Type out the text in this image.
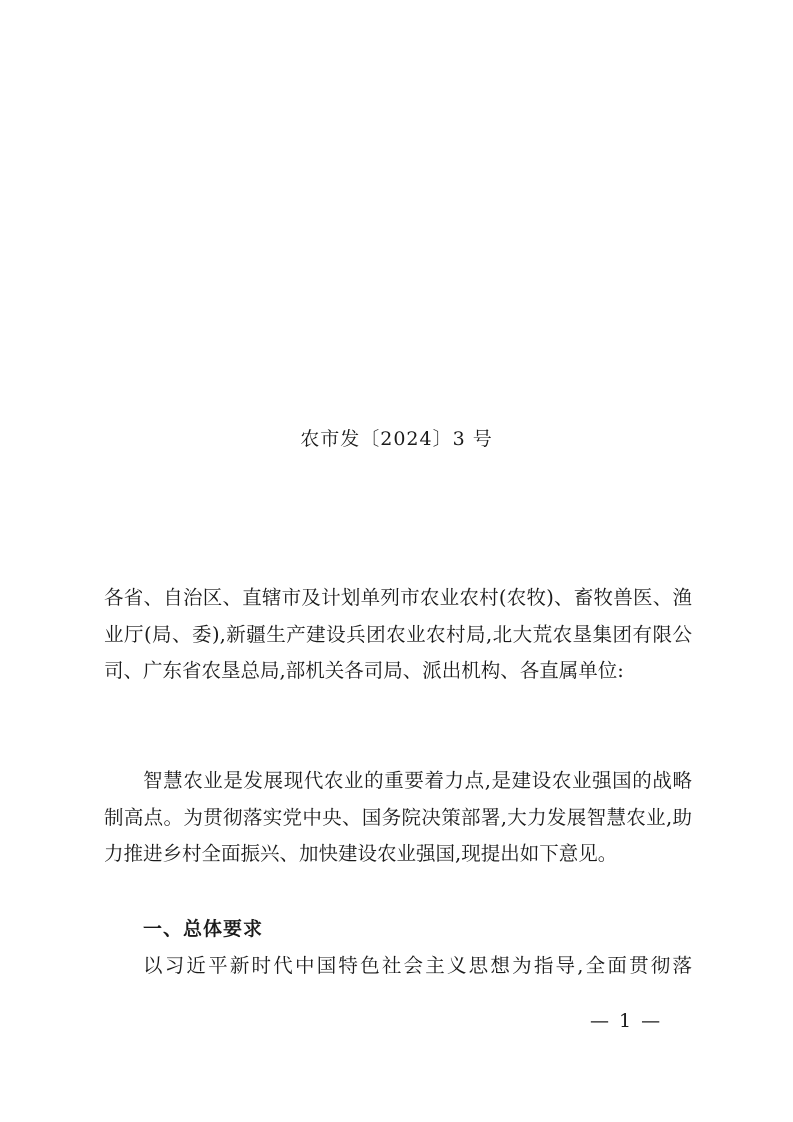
农市发〔2024〕3 号

各省、自治区、直辖市及计划单列市农业农村(农牧)、畜牧兽医、渔业厅(局、委),新疆生产建设兵团农业农村局,北大荒农垦集团有限公司、广东省农垦总局,部机关各司局、派出机构、各直属单位:

智慧农业是发展现代农业的重要着力点,是建设农业强国的战略制高点。为贯彻落实党中央、国务院决策部署,大力发展智慧农业,助力推进乡村全面振兴、加快建设农业强国,现提出如下意见。

一、总体要求

以习近平新时代中国特色社会主义思想为指导,全面贯彻落

— 1 —
